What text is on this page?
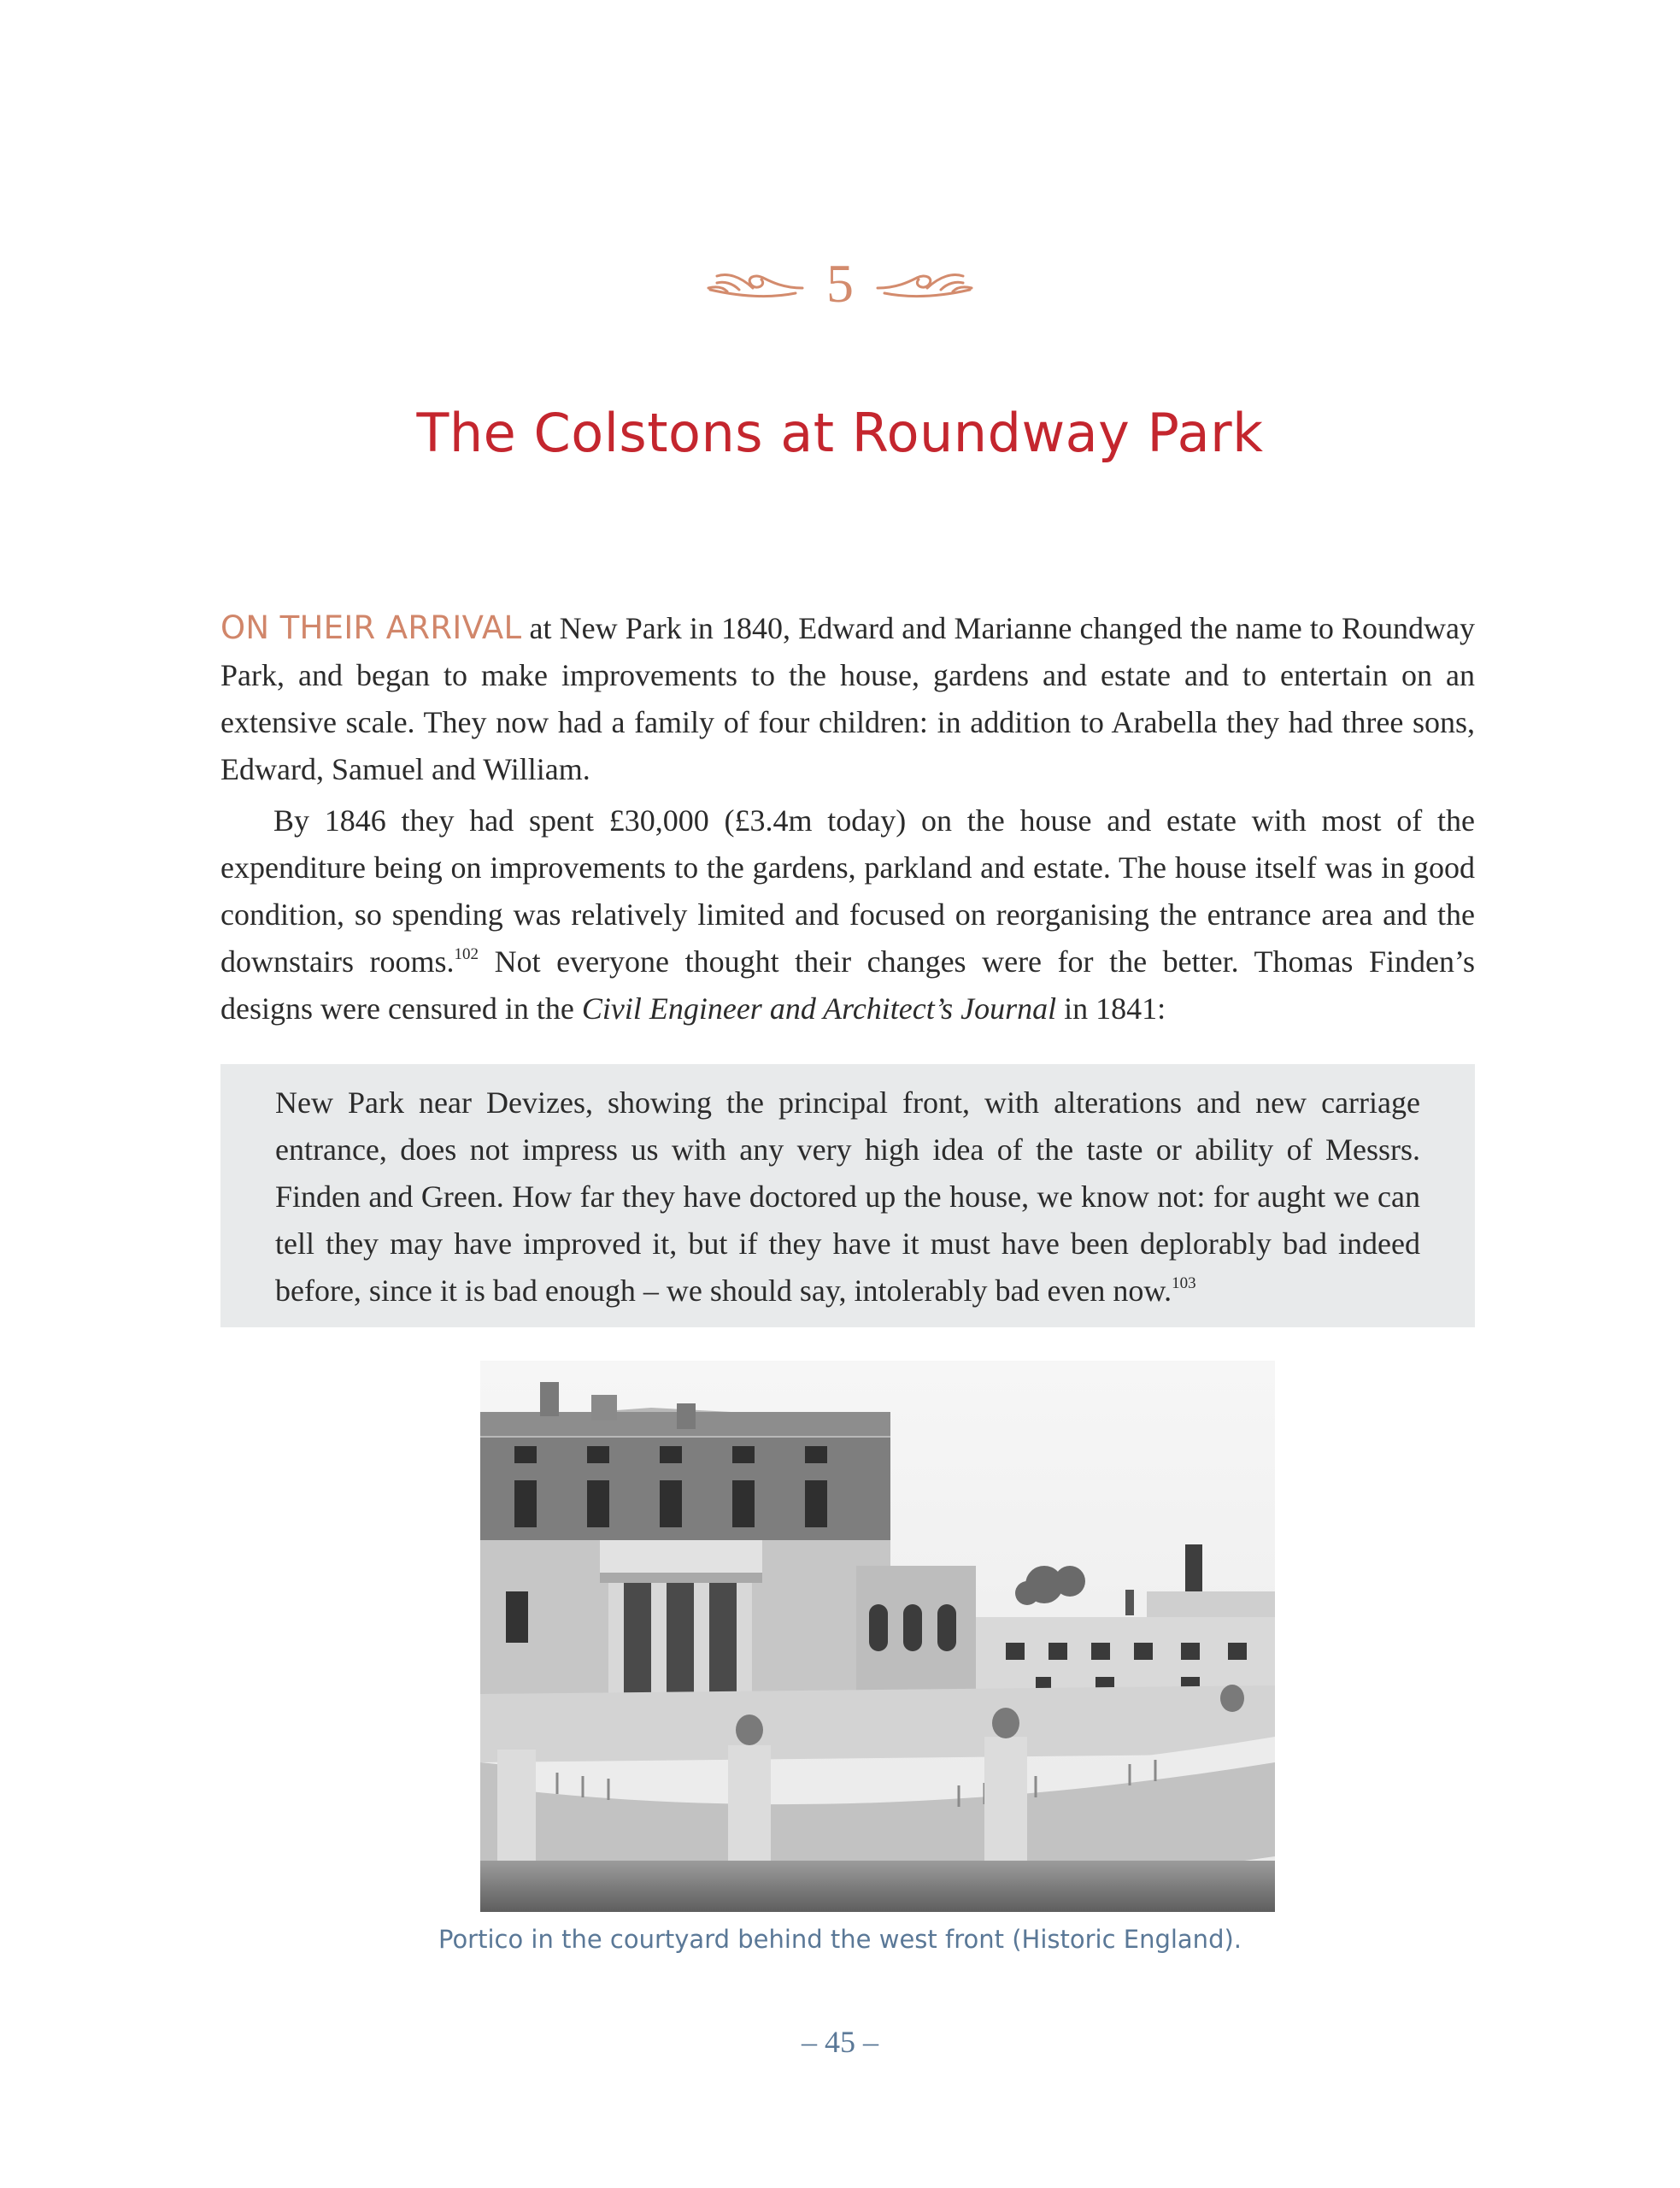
5
The Colstons at Roundway Park

ON THEIR ARRIVAL at New Park in 1840, Edward and Marianne changed the name to Roundway Park, and began to make improvements to the house, gardens and estate and to entertain on an extensive scale. They now had a family of four children: in addition to Arabella they had three sons, Edward, Samuel and William.

By 1846 they had spent £30,000 (£3.4m today) on the house and estate with most of the expenditure being on improvements to the gardens, parkland and estate. The house itself was in good condition, so spending was relatively limited and focused on reorganising the entrance area and the downstairs rooms.$^{102}$ Not everyone thought their changes were for the better. Thomas Finden’s designs were censured in the Civil Engineer and Architect’s Journal in 1841:

New Park near Devizes, showing the principal front, with alterations and new carriage entrance, does not impress us with any very high idea of the taste or ability of Messrs. Finden and Green. How far they have doctored up the house, we know not: for aught we can tell they may have improved it, but if they have it must have been deplorably bad indeed before, since it is bad enough – we should say, intolerably bad even now.$^{103}$

Portico in the courtyard behind the west front (Historic England).
– 45 –
